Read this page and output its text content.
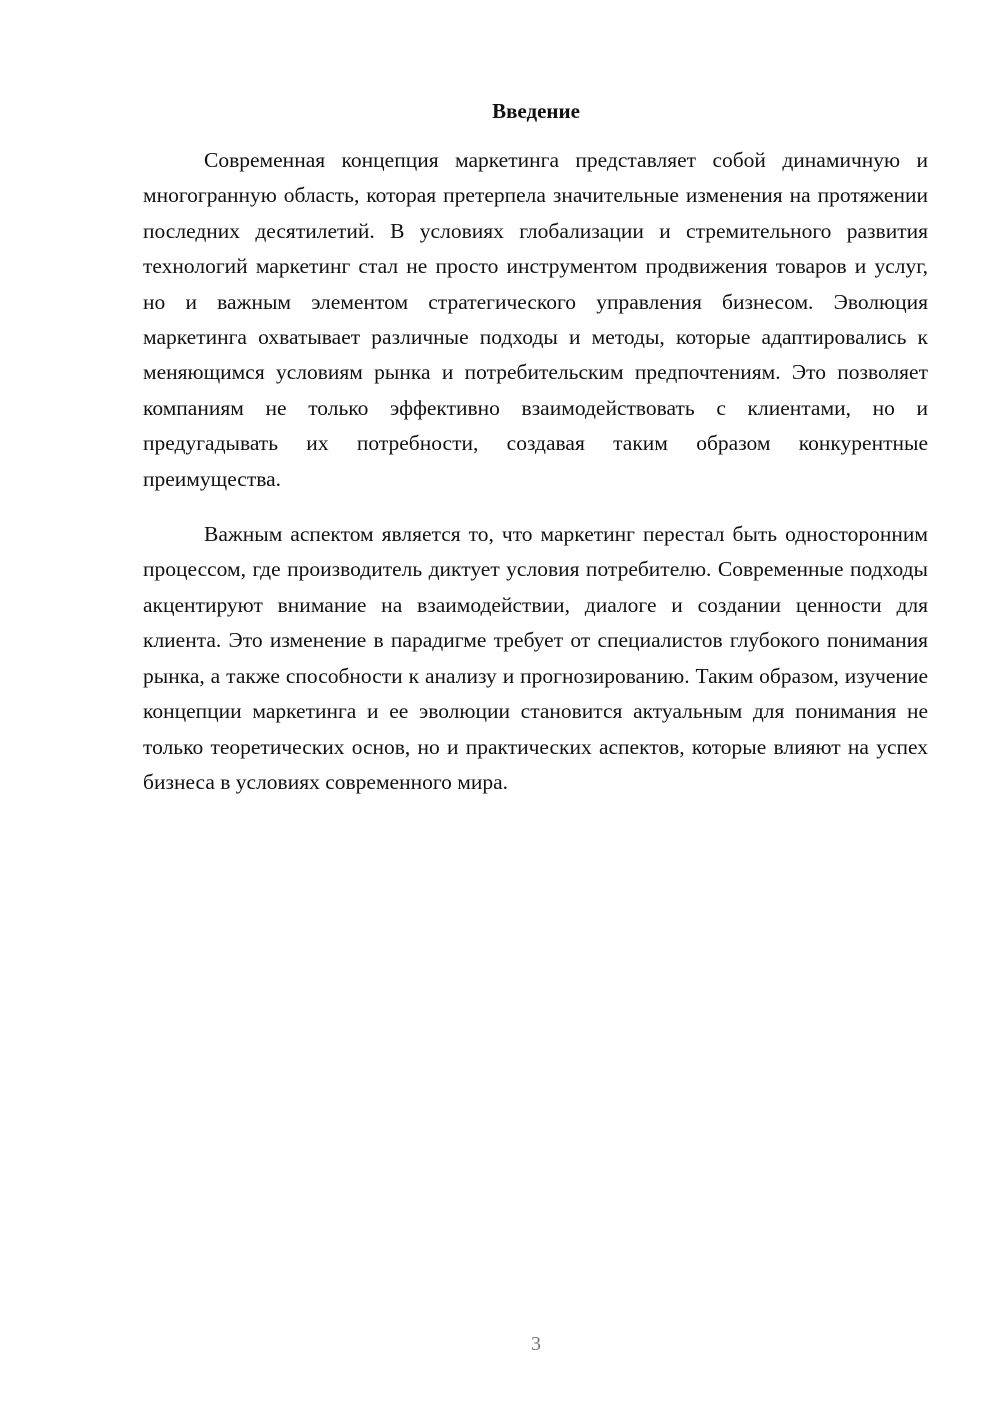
Введение

Современная концепция маркетинга представляет собой динамичную и многогранную область, которая претерпела значительные изменения на протяжении последних десятилетий. В условиях глобализации и стремительного развития технологий маркетинг стал не просто инструментом продвижения товаров и услуг, но и важным элементом стратегического управления бизнесом. Эволюция маркетинга охватывает различные подходы и методы, которые адаптировались к меняющимся условиям рынка и потребительским предпочтениям. Это позволяет компаниям не только эффективно взаимодействовать с клиентами, но и предугадывать их потребности, создавая таким образом конкурентные преимущества.

Важным аспектом является то, что маркетинг перестал быть односторонним процессом, где производитель диктует условия потребителю. Современные подходы акцентируют внимание на взаимодействии, диалоге и создании ценности для клиента. Это изменение в парадигме требует от специалистов глубокого понимания рынка, а также способности к анализу и прогнозированию. Таким образом, изучение концепции маркетинга и ее эволюции становится актуальным для понимания не только теоретических основ, но и практических аспектов, которые влияют на успех бизнеса в условиях современного мира.

3
